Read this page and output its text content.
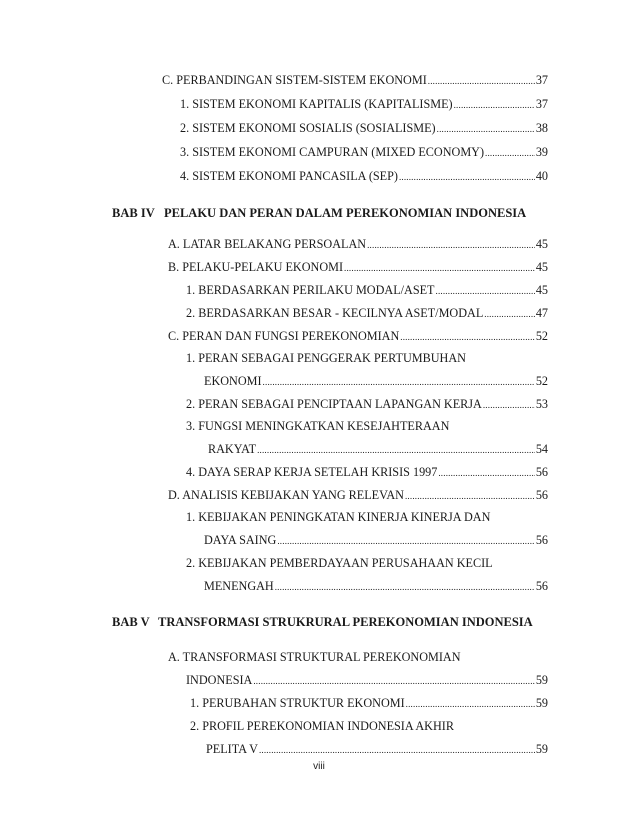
C. PERBANDINGAN SISTEM-SISTEM EKONOMI .....	37
1. SISTEM EKONOMI KAPITALIS (KAPITALISME) .....	37
2. SISTEM EKONOMI SOSIALIS (SOSIALISME) .....	38
3. SISTEM EKONOMI CAMPURAN (MIXED ECONOMY) .....	39
4. SISTEM EKONOMI PANCASILA (SEP) .....	40
BAB IV PELAKU DAN PERAN DALAM PEREKONOMIAN INDONESIA
A. LATAR BELAKANG PERSOALAN .....	45
B. PELAKU-PELAKU EKONOMI .....	45
1. BERDASARKAN PERILAKU MODAL/ASET .....	45
2. BERDASARKAN BESAR - KECILNYA ASET/MODAL .....	47
C. PERAN DAN FUNGSI PEREKONOMIAN .....	52
1. PERAN SEBAGAI PENGGERAK PERTUMBUHAN
EKONOMI .....	52
2. PERAN SEBAGAI PENCIPTAAN LAPANGAN KERJA .....	53
3. FUNGSI MENINGKATKAN KESEJAHTERAAN
RAKYAT .....	54
4. DAYA SERAP KERJA SETELAH KRISIS 1997 .....	56
D. ANALISIS KEBIJAKAN YANG RELEVAN .....	56
1. KEBIJAKAN PENINGKATAN KINERJA KINERJA DAN
DAYA SAING .....	56
2. KEBIJAKAN PEMBERDAYAAN PERUSAHAAN KECIL
MENENGAH .....	56
BAB V TRANSFORMASI STRUKRURAL PEREKONOMIAN INDONESIA
A. TRANSFORMASI STRUKTURAL PEREKONOMIAN
INDONESIA .....	59
1. PERUBAHAN STRUKTUR EKONOMI .....	59
2. PROFIL PEREKONOMIAN INDONESIA AKHIR
PELITA V .....	59
viii
